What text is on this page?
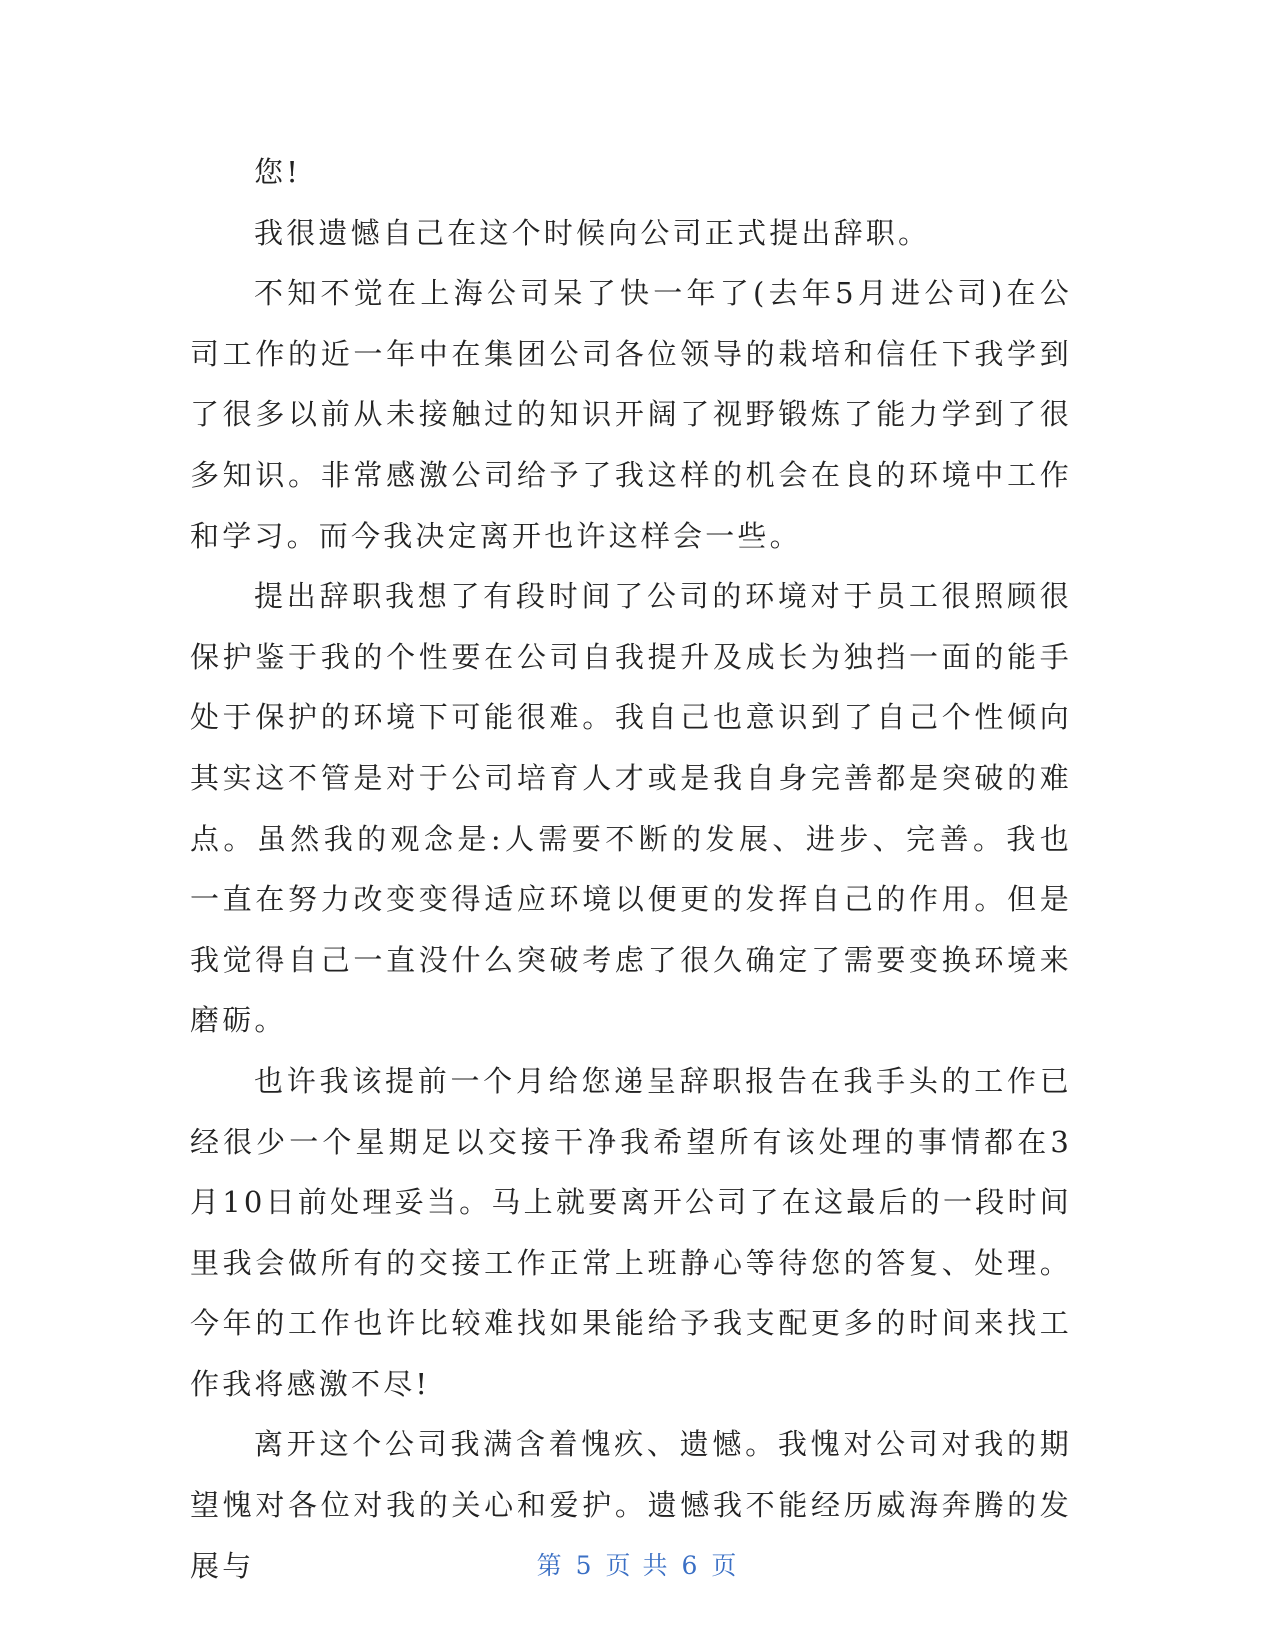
您!

我很遗憾自己在这个时候向公司正式提出辞职。

不知不觉在上海公司呆了快一年了(去年5月进公司)在公司工作的近一年中在集团公司各位领导的栽培和信任下我学到了很多以前从未接触过的知识开阔了视野锻炼了能力学到了很多知识。非常感激公司给予了我这样的机会在良的环境中工作和学习。而今我决定离开也许这样会一些。

提出辞职我想了有段时间了公司的环境对于员工很照顾很保护鉴于我的个性要在公司自我提升及成长为独挡一面的能手处于保护的环境下可能很难。我自己也意识到了自己个性倾向其实这不管是对于公司培育人才或是我自身完善都是突破的难点。虽然我的观念是:人需要不断的发展、进步、完善。我也一直在努力改变变得适应环境以便更的发挥自己的作用。但是我觉得自己一直没什么突破考虑了很久确定了需要变换环境来磨砺。

也许我该提前一个月给您递呈辞职报告在我手头的工作已经很少一个星期足以交接干净我希望所有该处理的事情都在3月10日前处理妥当。马上就要离开公司了在这最后的一段时间里我会做所有的交接工作正常上班静心等待您的答复、处理。今年的工作也许比较难找如果能给予我支配更多的时间来找工作我将感激不尽!

离开这个公司我满含着愧疚、遗憾。我愧对公司对我的期望愧对各位对我的关心和爱护。遗憾我不能经历威海奔腾的发展与	第 5 页 共 6 页
